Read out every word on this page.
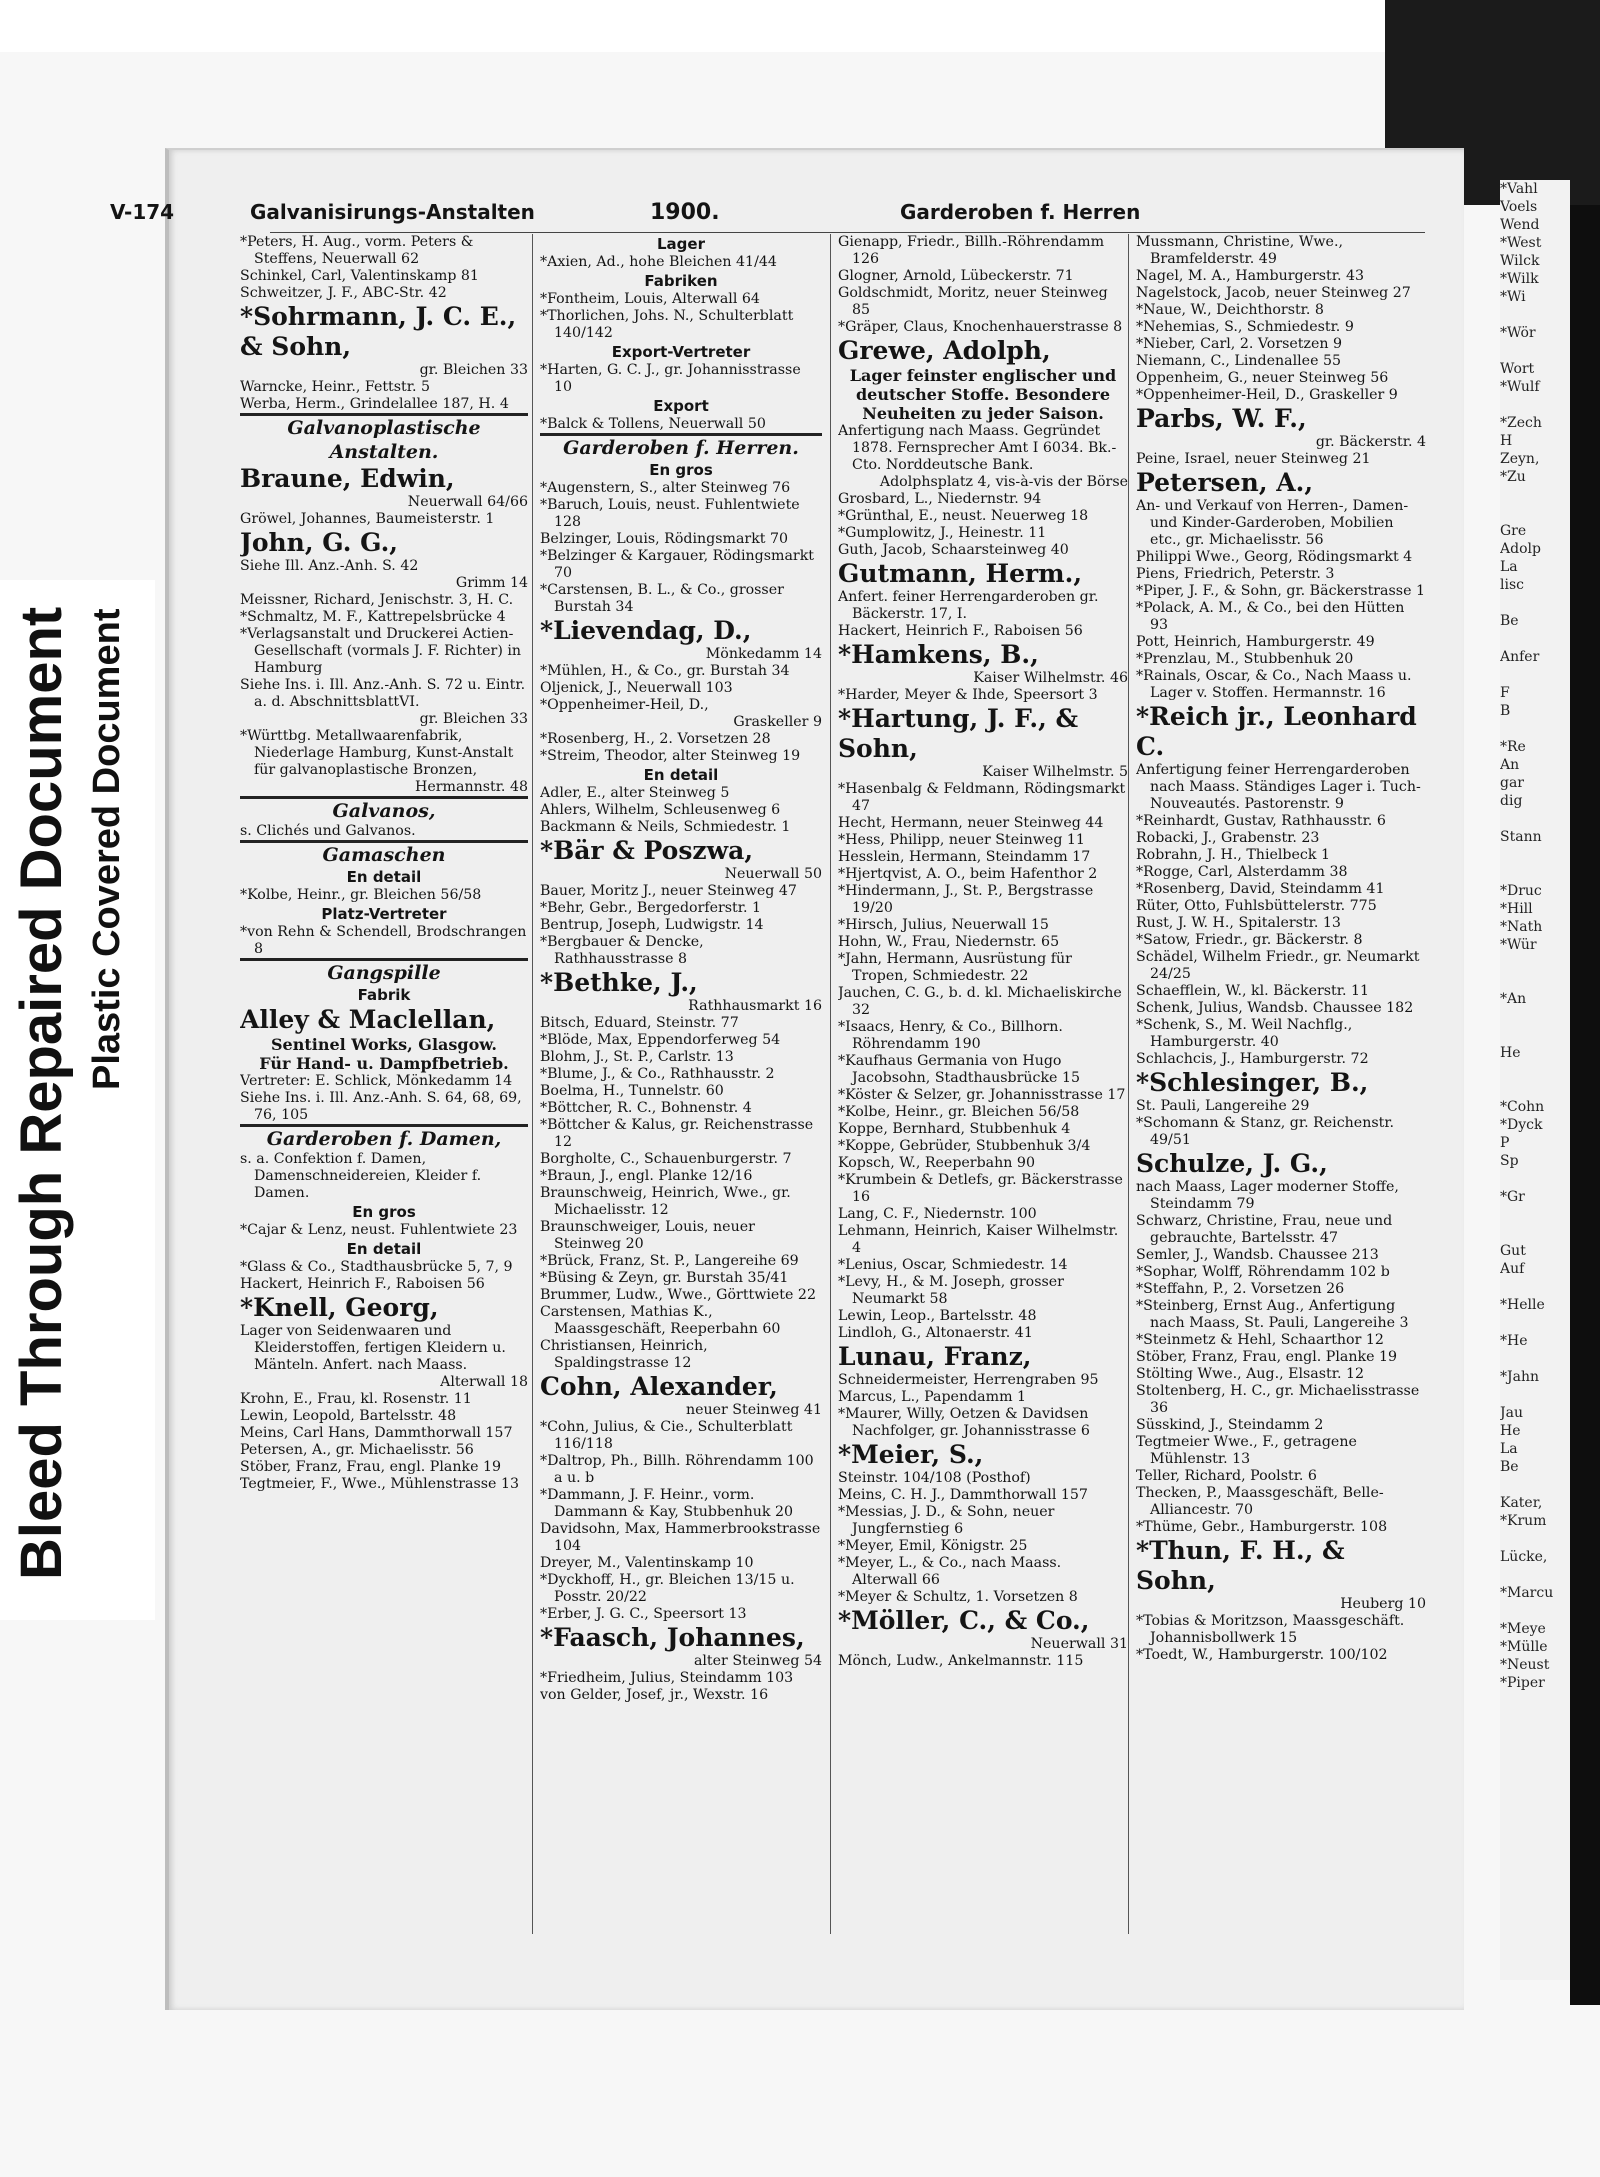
Bleed Through Repaired Document Plastic Covered Document
V-174	Galvanisirungs-Anstalten	1900.	Garderoben f. Herren

*Peters, H. Aug., vorm. Peters & Steffens, Neuerwall 62

Schinkel, Carl, Valentinskamp 81

Schweitzer, J. F., ABC-Str. 42

*Sohrmann, J. C. E., & Sohn,

gr. Bleichen 33

Warncke, Heinr., Fettstr. 5

Werba, Herm., Grindelallee 187, H. 4

Galvanoplastische Anstalten.

Braune, Edwin,

Neuerwall 64/66

Gröwel, Johannes, Baumeisterstr. 1

John, G. G.,

Siehe Ill. Anz.-Anh. S. 42

Grimm 14

Meissner, Richard, Jenischstr. 3, H. C.

*Schmaltz, M. F., Kattrepelsbrücke 4

*Verlagsanstalt und Druckerei Actien-Gesellschaft (vormals J. F. Richter) in Hamburg

Siehe Ins. i. Ill. Anz.-Anh. S. 72 u. Eintr. a. d. AbschnittsblattVI.

gr. Bleichen 33

*Württbg. Metallwaarenfabrik, Niederlage Hamburg, Kunst-Anstalt für galvanoplastische Bronzen,

Hermannstr. 48

Galvanos,

s. Clichés und Galvanos.

Gamaschen

En detail

*Kolbe, Heinr., gr. Bleichen 56/58

Platz-Vertreter

*von Rehn & Schendell, Brodschrangen 8

Gangspille

Fabrik

Alley & Maclellan,

Sentinel Works, Glasgow.

Für Hand- u. Dampfbetrieb.

Vertreter: E. Schlick, Mönkedamm 14

Siehe Ins. i. Ill. Anz.-Anh. S. 64, 68, 69, 76, 105

Garderoben f. Damen,

s. a. Confektion f. Damen, Damenschneidereien, Kleider f. Damen.

En gros

*Cajar & Lenz, neust. Fuhlentwiete 23

En detail

*Glass & Co., Stadthausbrücke 5, 7, 9

Hackert, Heinrich F., Raboisen 56

*Knell, Georg,

Lager von Seidenwaaren und Kleiderstoffen, fertigen Kleidern u. Mänteln. Anfert. nach Maass.

Alterwall 18

Krohn, E., Frau, kl. Rosenstr. 11

Lewin, Leopold, Bartelsstr. 48

Meins, Carl Hans, Dammthorwall 157

Petersen, A., gr. Michaelisstr. 56

Stöber, Franz, Frau, engl. Planke 19

Tegtmeier, F., Wwe., Mühlenstrasse 13

Lager

*Axien, Ad., hohe Bleichen 41/44

Fabriken

*Fontheim, Louis, Alterwall 64

*Thorlichen, Johs. N., Schulterblatt 140/142

Export-Vertreter

*Harten, G. C. J., gr. Johannisstrasse 10

Export

*Balck & Tollens, Neuerwall 50

Garderoben f. Herren.

En gros

*Augenstern, S., alter Steinweg 76

*Baruch, Louis, neust. Fuhlentwiete 128

Belzinger, Louis, Rödingsmarkt 70

*Belzinger & Kargauer, Rödingsmarkt 70

*Carstensen, B. L., & Co., grosser Burstah 34

*Lievendag, D.,

Mönkedamm 14

*Mühlen, H., & Co., gr. Burstah 34

Oljenick, J., Neuerwall 103

*Oppenheimer-Heil, D.,

Graskeller 9

*Rosenberg, H., 2. Vorsetzen 28

*Streim, Theodor, alter Steinweg 19

En detail

Adler, E., alter Steinweg 5

Ahlers, Wilhelm, Schleusenweg 6

Backmann & Neils, Schmiedestr. 1

*Bär & Poszwa,

Neuerwall 50

Bauer, Moritz J., neuer Steinweg 47

*Behr, Gebr., Bergedorferstr. 1

Bentrup, Joseph, Ludwigstr. 14

*Bergbauer & Dencke, Rathhausstrasse 8

*Bethke, J.,

Rathhausmarkt 16

Bitsch, Eduard, Steinstr. 77

*Blöde, Max, Eppendorferweg 54

Blohm, J., St. P., Carlstr. 13

*Blume, J., & Co., Rathhausstr. 2

Boelma, H., Tunnelstr. 60

*Böttcher, R. C., Bohnenstr. 4

*Böttcher & Kalus, gr. Reichenstrasse 12

Borgholte, C., Schauenburgerstr. 7

*Braun, J., engl. Planke 12/16

Braunschweig, Heinrich, Wwe., gr. Michaelisstr. 12

Braunschweiger, Louis, neuer Steinweg 20

*Brück, Franz, St. P., Langereihe 69

*Büsing & Zeyn, gr. Burstah 35/41

Brummer, Ludw., Wwe., Görttwiete 22

Carstensen, Mathias K., Maassgeschäft, Reeperbahn 60

Christiansen, Heinrich, Spaldingstrasse 12

Cohn, Alexander,

neuer Steinweg 41

*Cohn, Julius, & Cie., Schulterblatt 116/118

*Daltrop, Ph., Billh. Röhrendamm 100 a u. b

*Dammann, J. F. Heinr., vorm. Dammann & Kay, Stubbenhuk 20

Davidsohn, Max, Hammerbrookstrasse 104

Dreyer, M., Valentinskamp 10

*Dyckhoff, H., gr. Bleichen 13/15 u. Posstr. 20/22

*Erber, J. G. C., Speersort 13

*Faasch, Johannes,

alter Steinweg 54

*Friedheim, Julius, Steindamm 103

von Gelder, Josef, jr., Wexstr. 16

Gienapp, Friedr., Billh.-Röhrendamm 126

Glogner, Arnold, Lübeckerstr. 71

Goldschmidt, Moritz, neuer Steinweg 85

*Gräper, Claus, Knochenhauerstrasse 8

Grewe, Adolph,

Lager feinster englischer und deutscher Stoffe. Besondere Neuheiten zu jeder Saison.

Anfertigung nach Maass. Gegründet 1878. Fernsprecher Amt I 6034. Bk.-Cto. Norddeutsche Bank.

Adolphsplatz 4, vis-à-vis der Börse

Grosbard, L., Niedernstr. 94

*Grünthal, E., neust. Neuerweg 18

*Gumplowitz, J., Heinestr. 11

Guth, Jacob, Schaarsteinweg 40

Gutmann, Herm.,

Anfert. feiner Herrengarderoben gr. Bäckerstr. 17, I.

Hackert, Heinrich F., Raboisen 56

*Hamkens, B.,

Kaiser Wilhelmstr. 46

*Harder, Meyer & Ihde, Speersort 3

*Hartung, J. F., & Sohn,

Kaiser Wilhelmstr. 5

*Hasenbalg & Feldmann, Rödingsmarkt 47

Hecht, Hermann, neuer Steinweg 44

*Hess, Philipp, neuer Steinweg 11

Hesslein, Hermann, Steindamm 17

*Hjertqvist, A. O., beim Hafenthor 2

*Hindermann, J., St. P., Bergstrasse 19/20

*Hirsch, Julius, Neuerwall 15

Hohn, W., Frau, Niedernstr. 65

*Jahn, Hermann, Ausrüstung für Tropen, Schmiedestr. 22

Jauchen, C. G., b. d. kl. Michaeliskirche 32

*Isaacs, Henry, & Co., Billhorn. Röhrendamm 190

*Kaufhaus Germania von Hugo Jacobsohn, Stadthausbrücke 15

*Köster & Selzer, gr. Johannisstrasse 17

*Kolbe, Heinr., gr. Bleichen 56/58

Koppe, Bernhard, Stubbenhuk 4

*Koppe, Gebrüder, Stubbenhuk 3/4

Kopsch, W., Reeperbahn 90

*Krumbein & Detlefs, gr. Bäckerstrasse 16

Lang, C. F., Niedernstr. 100

Lehmann, Heinrich, Kaiser Wilhelmstr. 4

*Lenius, Oscar, Schmiedestr. 14

*Levy, H., & M. Joseph, grosser Neumarkt 58

Lewin, Leop., Bartelsstr. 48

Lindloh, G., Altonaerstr. 41

Lunau, Franz,

Schneidermeister, Herrengraben 95

Marcus, L., Papendamm 1

*Maurer, Willy, Oetzen & Davidsen Nachfolger, gr. Johannisstrasse 6

*Meier, S.,

Steinstr. 104/108 (Posthof)

Meins, C. H. J., Dammthorwall 157

*Messias, J. D., & Sohn, neuer Jungfernstieg 6

*Meyer, Emil, Königstr. 25

*Meyer, L., & Co., nach Maass. Alterwall 66

*Meyer & Schultz, 1. Vorsetzen 8

*Möller, C., & Co.,

Neuerwall 31

Mönch, Ludw., Ankelmannstr. 115

Mussmann, Christine, Wwe., Bramfelderstr. 49

Nagel, M. A., Hamburgerstr. 43

Nagelstock, Jacob, neuer Steinweg 27

*Naue, W., Deichthorstr. 8

*Nehemias, S., Schmiedestr. 9

*Nieber, Carl, 2. Vorsetzen 9

Niemann, C., Lindenallee 55

Oppenheim, G., neuer Steinweg 56

*Oppenheimer-Heil, D., Graskeller 9

Parbs, W. F.,

gr. Bäckerstr. 4

Peine, Israel, neuer Steinweg 21

Petersen, A.,

An- und Verkauf von Herren-, Damen- und Kinder-Garderoben, Mobilien etc., gr. Michaelisstr. 56

Philippi Wwe., Georg, Rödingsmarkt 4

Piens, Friedrich, Peterstr. 3

*Piper, J. F., & Sohn, gr. Bäckerstrasse 1

*Polack, A. M., & Co., bei den Hütten 93

Pott, Heinrich, Hamburgerstr. 49

*Prenzlau, M., Stubbenhuk 20

*Rainals, Oscar, & Co., Nach Maass u. Lager v. Stoffen. Hermannstr. 16

*Reich jr., Leonhard C.

Anfertigung feiner Herrengarderoben nach Maass. Ständiges Lager i. Tuch-Nouveautés. Pastorenstr. 9

*Reinhardt, Gustav, Rathhausstr. 6

Robacki, J., Grabenstr. 23

Robrahn, J. H., Thielbeck 1

*Rogge, Carl, Alsterdamm 38

*Rosenberg, David, Steindamm 41

Rüter, Otto, Fuhlsbüttelerstr. 775

Rust, J. W. H., Spitalerstr. 13

*Satow, Friedr., gr. Bäckerstr. 8

Schädel, Wilhelm Friedr., gr. Neumarkt 24/25

Schaefflein, W., kl. Bäckerstr. 11

Schenk, Julius, Wandsb. Chaussee 182

*Schenk, S., M. Weil Nachflg., Hamburgerstr. 40

Schlachcis, J., Hamburgerstr. 72

*Schlesinger, B.,

St. Pauli, Langereihe 29

*Schomann & Stanz, gr. Reichenstr. 49/51

Schulze, J. G.,

nach Maass, Lager moderner Stoffe, Steindamm 79

Schwarz, Christine, Frau, neue und gebrauchte, Bartelsstr. 47

Semler, J., Wandsb. Chaussee 213

*Sophar, Wolff, Röhrendamm 102 b

*Steffahn, P., 2. Vorsetzen 26

*Steinberg, Ernst Aug., Anfertigung nach Maass, St. Pauli, Langereihe 3

*Steinmetz & Hehl, Schaarthor 12

Stöber, Franz, Frau, engl. Planke 19

Stölting Wwe., Aug., Elsastr. 12

Stoltenberg, H. C., gr. Michaelisstrasse 36

Süsskind, J., Steindamm 2

Tegtmeier Wwe., F., getragene Mühlenstr. 13

Teller, Richard, Poolstr. 6

Thecken, P., Maassgeschäft, Belle-Alliancestr. 70

*Thüme, Gebr., Hamburgerstr. 108

*Thun, F. H., & Sohn,

Heuberg 10

*Tobias & Moritzson, Maassgeschäft. Johannisbollwerk 15

*Toedt, W., Hamburgerstr. 100/102

*Vahl
Voels
Wend
*West
Wilck
*Wilk
*Wi

*Wör

Wort
*Wulf

*Zech
H
Zeyn,
*Zu

Gre
Adolp
La
lisc

Be

Anfer

F
B

*Re
An
gar
dig

Stann

*Druc
*Hill
*Nath
*Wür

*An

He

*Cohn
*Dyck
P
Sp

*Gr

Gut
Auf

*Helle

*He

*Jahn

Jau
He
La
Be

Kater,
*Krum

Lücke,

*Marcu

*Meye
*Mülle
*Neust
*Piper
